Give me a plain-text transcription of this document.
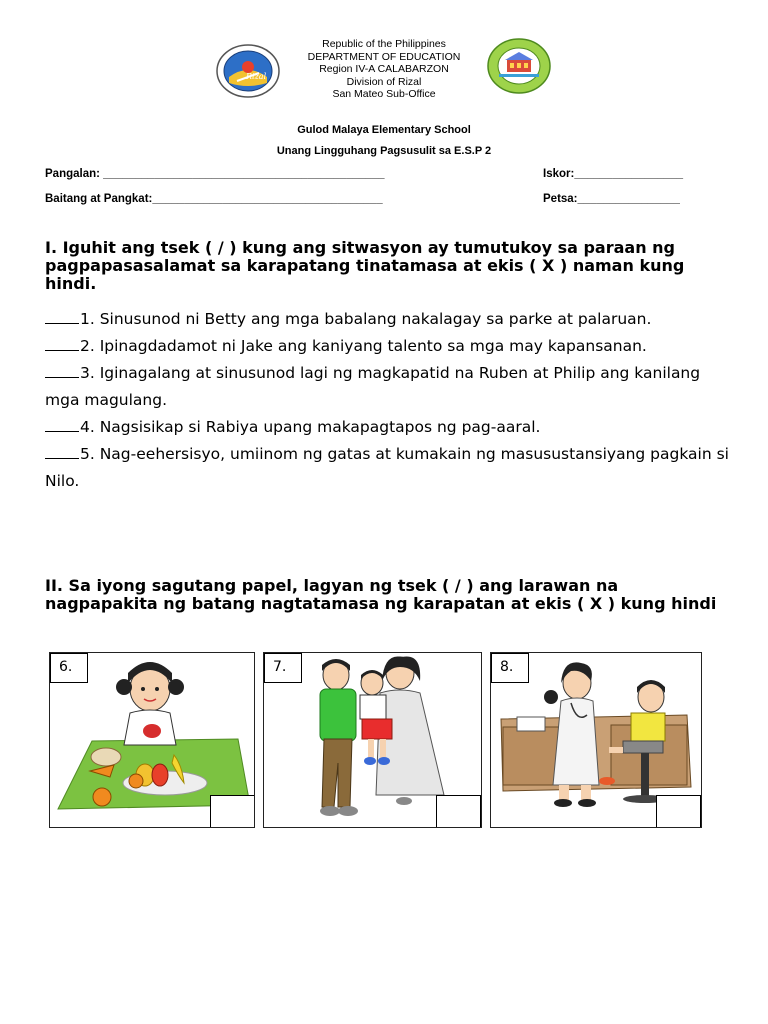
Rizal
Republic of the Philippines
DEPARTMENT OF EDUCATION
Region IV-A CALABARZON
Division of Rizal
San Mateo Sub-Office
Gulod Malaya Elementary School
Unang Lingguhang Pagsusulit sa E.S.P 2
Pangalan: ____________________________________________	Iskor:_________________
Baitang at Pangkat:____________________________________	Petsa:________________
I. Iguhit ang tsek ( / ) kung ang sitwasyon ay tumutukoy sa paraan ng pagpapasasalamat sa karapatang tinatamasa at ekis ( X ) naman kung hindi.
1. Sinusunod ni Betty ang mga babalang nakalagay sa parke at palaruan.
2. Ipinagdadamot ni Jake ang kaniyang talento sa mga may kapansanan.
3. Iginagalang at sinusunod lagi ng magkapatid na Ruben at Philip ang kanilang mga magulang.
4. Nagsisikap si Rabiya upang makapagtapos ng pag-aaral.
5. Nag-eehersisyo, umiinom ng gatas at kumakain ng masusustansiyang pagkain si Nilo.
II. Sa iyong sagutang papel, lagyan ng tsek ( / ) ang larawan na nagpapakita ng batang nagtatamasa ng karapatan at ekis ( X ) kung hindi
6.	7.	8.
